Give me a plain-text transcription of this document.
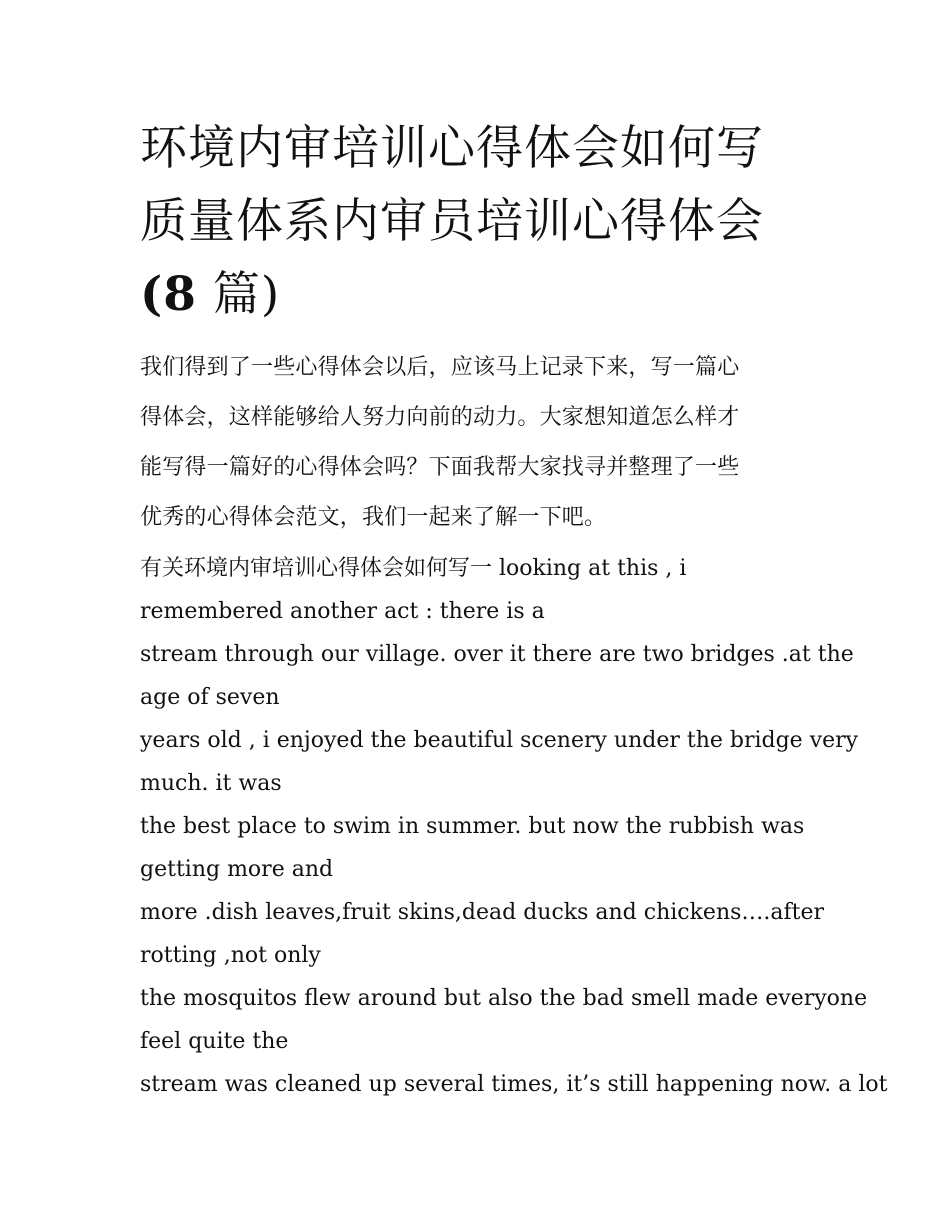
环境内审培训心得体会如何写
质量体系内审员培训心得体会
(8 篇)

我们得到了一些心得体会以后，应该马上记录下来，写一篇心
得体会，这样能够给人努力向前的动力。大家想知道怎么样才
能写得一篇好的心得体会吗？下面我帮大家找寻并整理了一些
优秀的心得体会范文，我们一起来了解一下吧。

有关环境内审培训心得体会如何写一 looking at this , i
remembered another act : there is a
stream through our village. over it there are two bridges .at the
age of seven
years old , i enjoyed the beautiful scenery under the bridge very
much. it was
the best place to swim in summer. but now the rubbish was
getting more and
more .dish leaves,fruit skins,dead ducks and chickens….after
rotting ,not only
the mosquitos flew around but also the bad smell made everyone
feel quite the
stream was cleaned up several times, it’s still happening now. a lot
